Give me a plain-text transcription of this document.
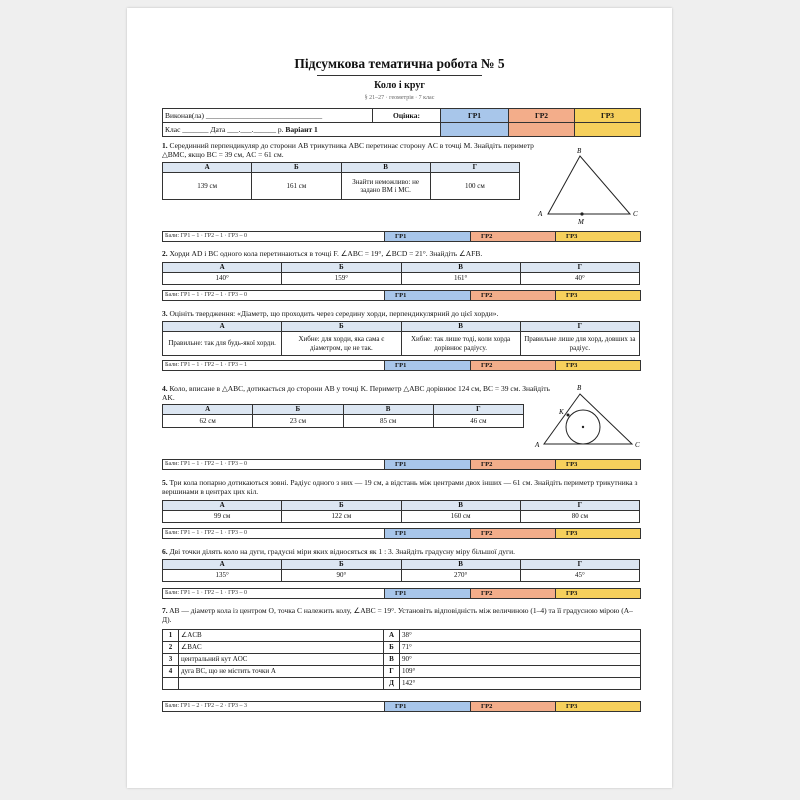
Підсумкова тематична робота № 5
Коло і круг
§ 21–27 · геометрія · 7 клас
Виконав(ла) _______________________________	Оцінка:	ГР1	ГР2	ГР3
Клас _______ Дата ___.___.______ р. Варіант 1				
1. Серединний перпендикуляр до сторони AB трикутника ABC перетинає сторону AC в точці M. Знайдіть периметр △BMC, якщо BC = 39 см, AC = 61 см.
А	Б	В	Г
139 см	161 см	Знайти неможливо: не задано BM і MC.	100 см
B
A	C
M
Бали: ГР1 – 1 · ГР2 – 1 · ГР3 – 0	ГР1	ГР2	ГР3
2. Хорди AD і BC одного кола перетинаються в точці F. ∠ABC = 19°, ∠BCD = 21°. Знайдіть ∠AFB.
А	Б	В	Г
140°	159°	161°	40°
Бали: ГР1 – 1 · ГР2 – 1 · ГР3 – 0	ГР1	ГР2	ГР3
3. Оцініть твердження: «Діаметр, що проходить через середину хорди, перпендикулярний до цієї хорди».
А	Б	В	Г
Правильне: так для будь-якої хорди.	Хибне: для хорди, яка сама є діаметром, це не так.	Хибне: так лише тоді, коли хорда дорівнює радіусу.	Правильне лише для хорд, довших за радіус.
Бали: ГР1 – 1 · ГР2 – 1 · ГР3 – 1	ГР1	ГР2	ГР3
4. Коло, вписане в △ABC, дотикається до сторони AB у точці K. Периметр △ABC дорівнює 124 см, BC = 39 см. Знайдіть AK.
А	Б	В	Г
62 см	23 см	85 см	46 см
B
A	C
K
Бали: ГР1 – 1 · ГР2 – 1 · ГР3 – 0	ГР1	ГР2	ГР3
5. Три кола попарно дотикаються зовні. Радіус одного з них — 19 см, а відстань між центрами двох інших — 61 см. Знайдіть периметр трикутника з вершинами в центрах цих кіл.
А	Б	В	Г
99 см	122 см	160 см	80 см
Бали: ГР1 – 1 · ГР2 – 1 · ГР3 – 0	ГР1	ГР2	ГР3
6. Дві точки ділять коло на дуги, градусні міри яких відносяться як 1 : 3. Знайдіть градусну міру більшої дуги.
А	Б	В	Г
135°	90°	270°	45°
Бали: ГР1 – 1 · ГР2 – 1 · ГР3 – 0	ГР1	ГР2	ГР3
7. AB — діаметр кола із центром O, точка C належить колу, ∠ABC = 19°. Установіть відповідність між величиною (1–4) та її градусною мірою (А–Д).
1	∠ACB	А	38°
2	∠BAC	Б	71°
3	центральний кут AOC	В	90°
4	дуга BC, що не містить точки A	Г	109°
		Д	142°
Бали: ГР1 – 2 · ГР2 – 2 · ГР3 – 3	ГР1	ГР2	ГР3
